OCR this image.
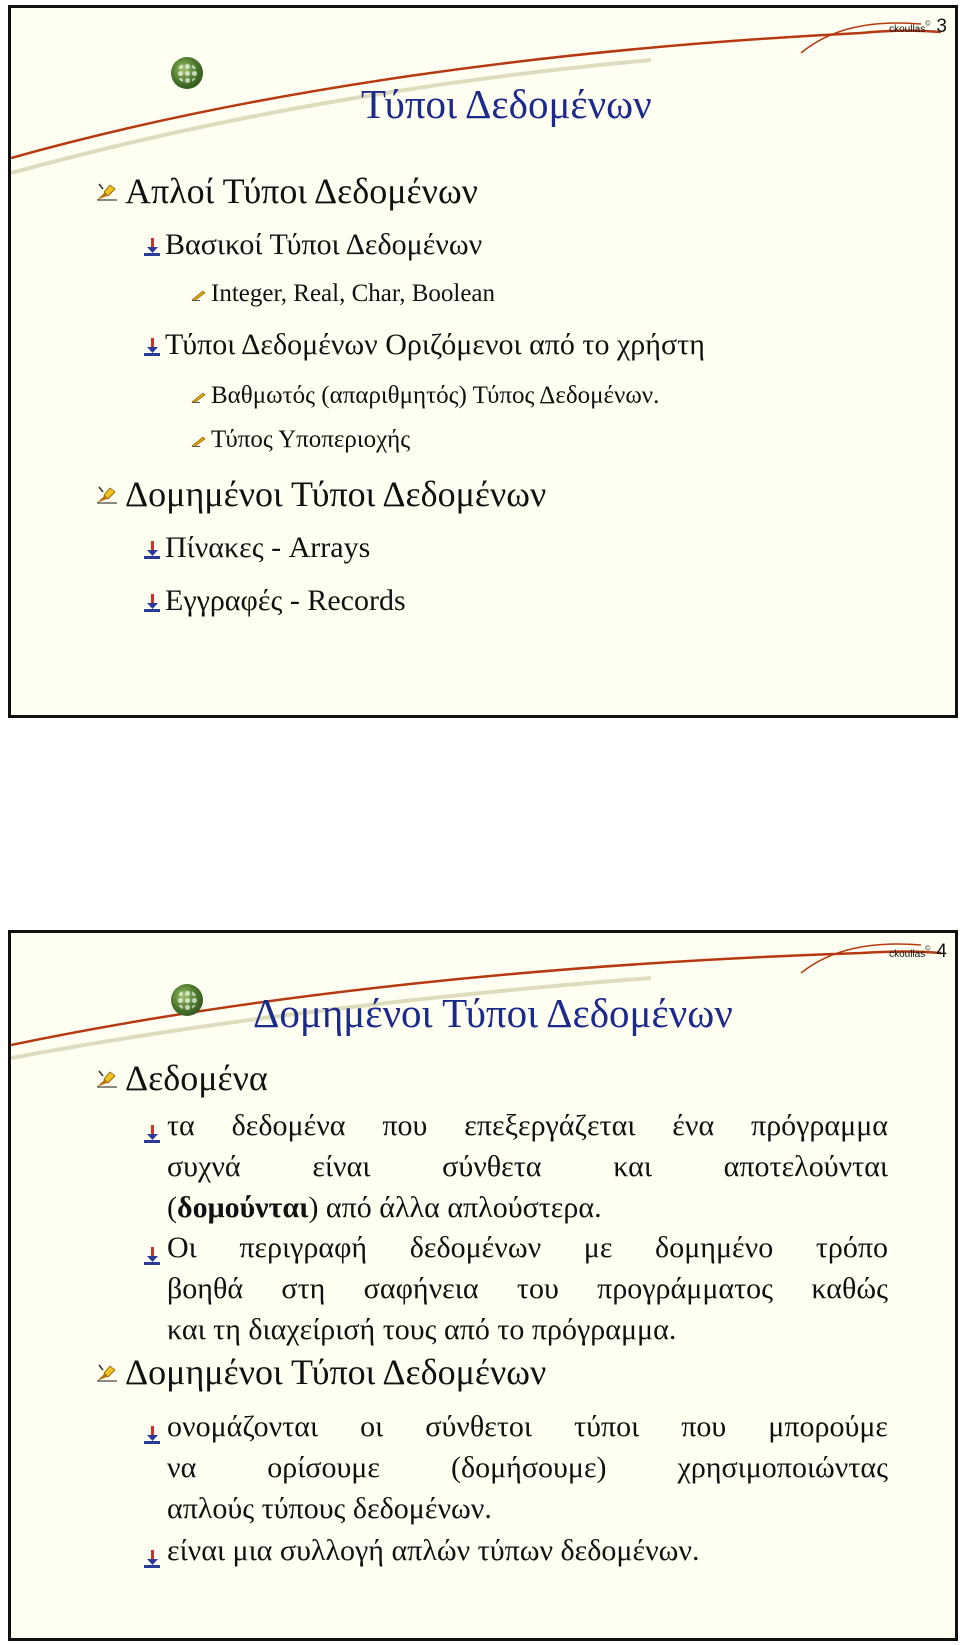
ckoullas© 3
Τύποι Δεδομένων
Απλοί Τύποι Δεδομένων
Βασικοί Τύποι Δεδομένων
Integer, Real, Char, Boolean
Τύποι Δεδομένων Οριζόμενοι από το χρήστη
Βαθμωτός (απαριθμητός) Τύπος Δεδομένων.
Τύπος Υποπεριοχής
Δομημένοι Τύποι Δεδομένων
Πίνακες - Arrays
Εγγραφές - Records
ckoullas© 4
Δομημένοι Τύποι Δεδομένων
Δεδομένα
τα δεδομένα που επεξεργάζεται ένα πρόγραμμα
συχνά είναι σύνθετα και αποτελούνται
(δομούνται) από άλλα απλούστερα.
Οι περιγραφή δεδομένων με δομημένο τρόπο
βοηθά στη σαφήνεια του προγράμματος καθώς
και τη διαχείρισή τους από το πρόγραμμα.
Δομημένοι Τύποι Δεδομένων
ονομάζονται οι σύνθετοι τύποι που μπορούμε
να ορίσουμε (δομήσουμε) χρησιμοποιώντας
απλούς τύπους δεδομένων.
είναι μια συλλογή απλών τύπων δεδομένων.
